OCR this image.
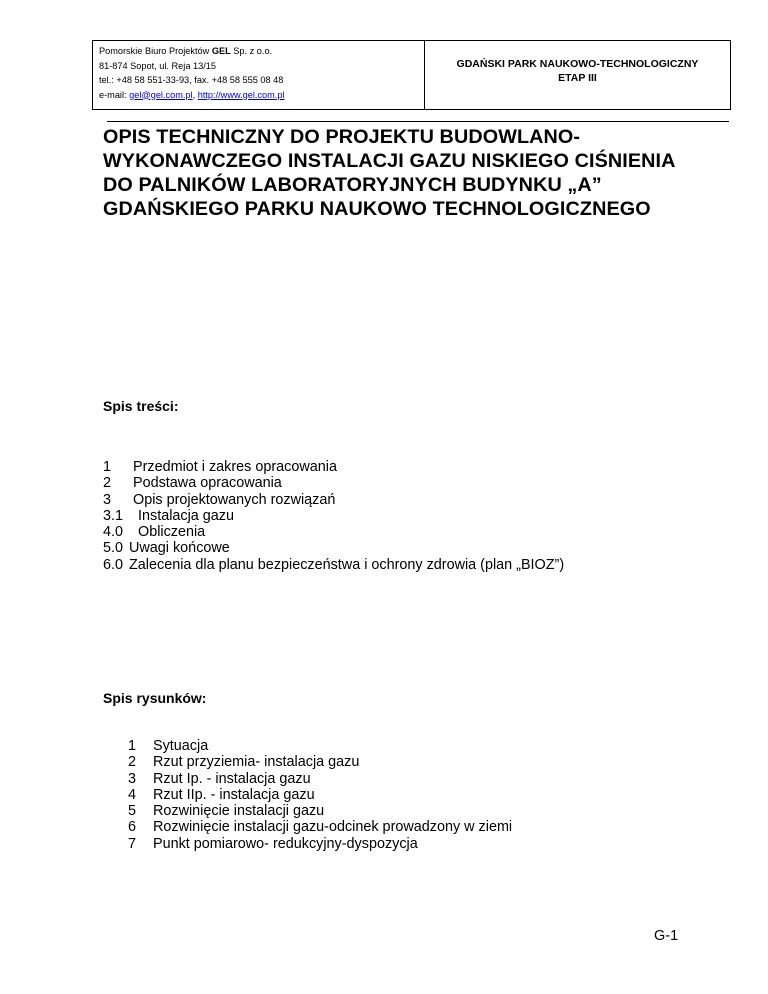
Pomorskie Biuro Projektów GEL Sp. z o.o.
81-874 Sopot, ul. Reja 13/15
tel.: +48 58 551-33-93, fax. +48 58 555 08 48
e-mail: gel@gel.com.pl, http://www.gel.com.pl
GDAŃSKI PARK NAUKOWO-TECHNOLOGICZNY
ETAP III
OPIS TECHNICZNY DO PROJEKTU BUDOWLANO-
WYKONAWCZEGO INSTALACJI GAZU NISKIEGO CIŚNIENIA
DO PALNIKÓW LABORATORYJNYCH BUDYNKU „A”
GDAŃSKIEGO PARKU NAUKOWO TECHNOLOGICZNEGO
Spis treści:
1 Przedmiot i zakres opracowania
2 Podstawa opracowania
3 Opis projektowanych rozwiązań
3.1 Instalacja gazu
4.0 Obliczenia
5.0 Uwagi końcowe
6.0 Zalecenia dla planu bezpieczeństwa i ochrony zdrowia (plan „BIOZ”)
Spis rysunków:
1 Sytuacja
2 Rzut przyziemia- instalacja gazu
3 Rzut Ip. - instalacja gazu
4 Rzut IIp. - instalacja gazu
5 Rozwinięcie instalacji gazu
6 Rozwinięcie instalacji gazu-odcinek prowadzony w ziemi
7 Punkt pomiarowo- redukcyjny-dyspozycja
G-1
